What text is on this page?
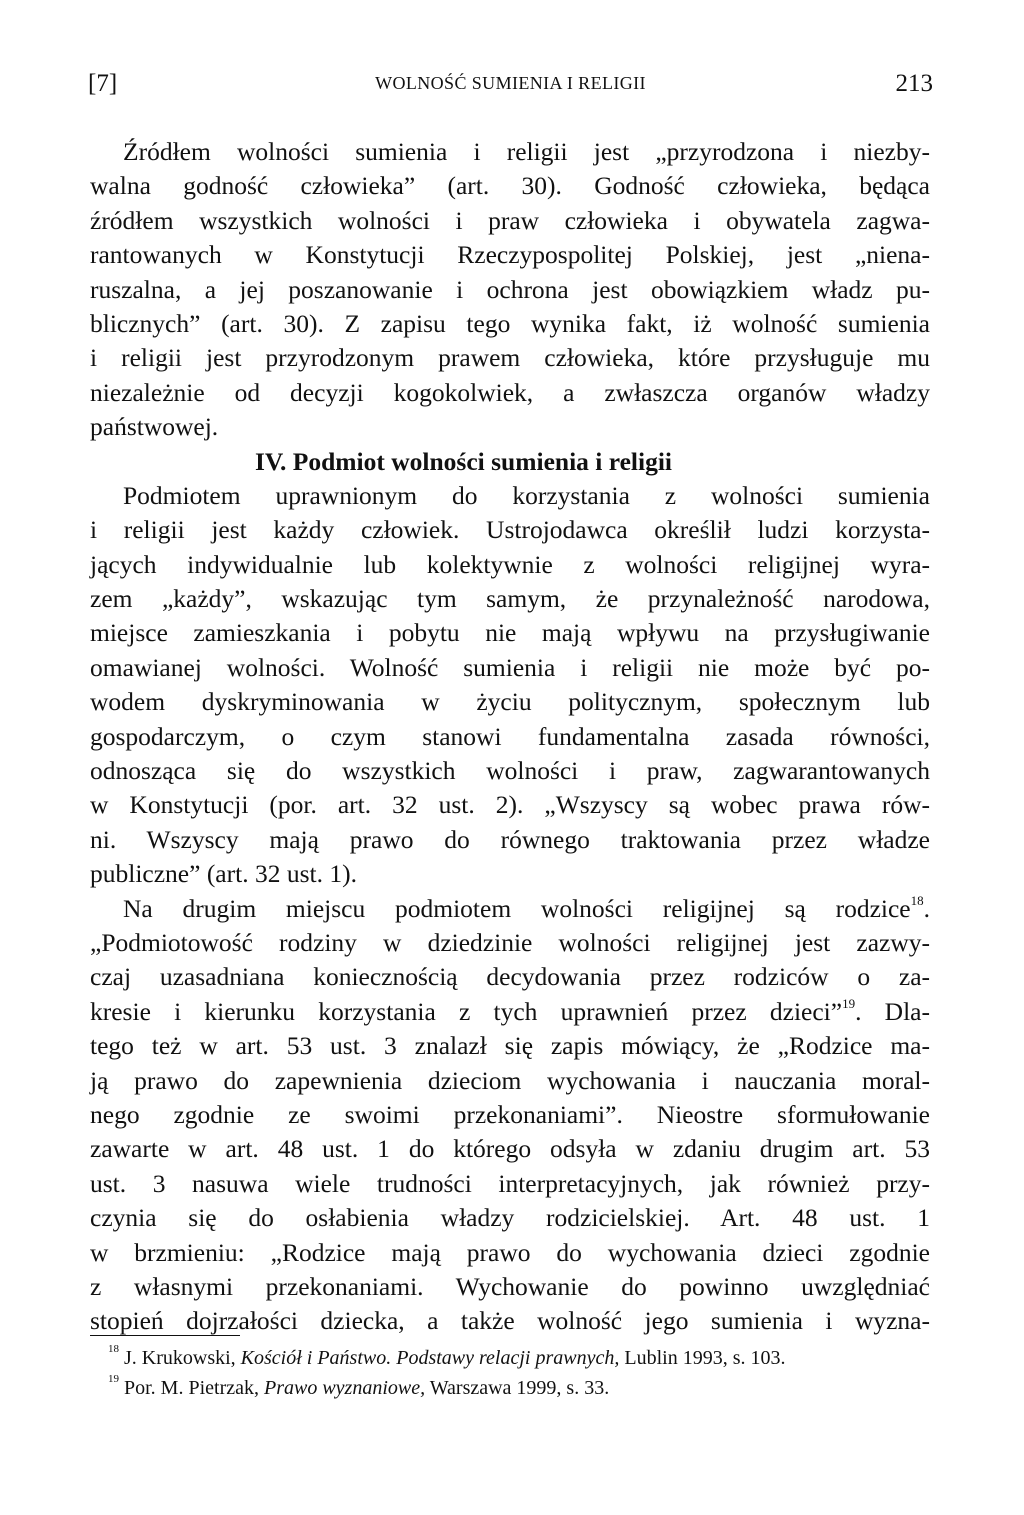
[7]	WOLNOŚĆ SUMIENIA I RELIGII	213
Źródłem wolności sumienia i religii jest „przyrodzona i niezby-
walna godność człowieka” (art. 30). Godność człowieka, będąca
źródłem wszystkich wolności i praw człowieka i obywatela zagwa-
rantowanych w Konstytucji Rzeczypospolitej Polskiej, jest „niena-
ruszalna, a jej poszanowanie i ochrona jest obowiązkiem władz pu-
blicznych” (art. 30). Z zapisu tego wynika fakt, iż wolność sumienia
i religii jest przyrodzonym prawem człowieka, które przysługuje mu
niezależnie od decyzji kogokolwiek, a zwłaszcza organów władzy
państwowej.
IV. Podmiot wolności sumienia i religii
Podmiotem uprawnionym do korzystania z wolności sumienia
i religii jest każdy człowiek. Ustrojodawca określił ludzi korzysta-
jących indywidualnie lub kolektywnie z wolności religijnej wyra-
zem „każdy”, wskazując tym samym, że przynależność narodowa,
miejsce zamieszkania i pobytu nie mają wpływu na przysługiwanie
omawianej wolności. Wolność sumienia i religii nie może być po-
wodem dyskryminowania w życiu politycznym, społecznym lub
gospodarczym, o czym stanowi fundamentalna zasada równości,
odnosząca się do wszystkich wolności i praw, zagwarantowanych
w Konstytucji (por. art. 32 ust. 2). „Wszyscy są wobec prawa rów-
ni. Wszyscy mają prawo do równego traktowania przez władze
publiczne” (art. 32 ust. 1).
Na drugim miejscu podmiotem wolności religijnej są rodzice$^{18}$.
„Podmiotowość rodziny w dziedzinie wolności religijnej jest zazwy-
czaj uzasadniana koniecznością decydowania przez rodziców o za-
kresie i kierunku korzystania z tych uprawnień przez dzieci”$^{19}$. Dla-
tego też w art. 53 ust. 3 znalazł się zapis mówiący, że „Rodzice ma-
ją prawo do zapewnienia dzieciom wychowania i nauczania moral-
nego zgodnie ze swoimi przekonaniami”. Nieostre sformułowanie
zawarte w art. 48 ust. 1 do którego odsyła w zdaniu drugim art. 53
ust. 3 nasuwa wiele trudności interpretacyjnych, jak również przy-
czynia się do osłabienia władzy rodzicielskiej. Art. 48 ust. 1
w brzmieniu: „Rodzice mają prawo do wychowania dzieci zgodnie
z własnymi przekonaniami. Wychowanie do powinno uwzględniać
stopień dojrzałości dziecka, a także wolność jego sumienia i wyzna-
$^{18}$ J. Krukowski, Kościół i Państwo. Podstawy relacji prawnych, Lublin 1993, s. 103.
$^{19}$ Por. M. Pietrzak, Prawo wyznaniowe, Warszawa 1999, s. 33.
